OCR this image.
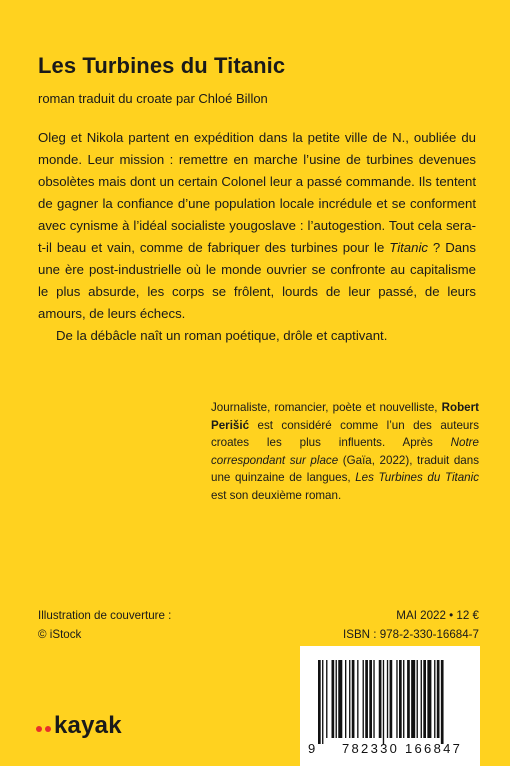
Les Turbines du Titanic
roman traduit du croate par Chloé Billon

Oleg et Nikola partent en expédition dans la petite ville de N., oubliée du monde. Leur mission : remettre en marche l’usine de turbines devenues obsolètes mais dont un certain Colonel leur a passé commande. Ils tentent de gagner la confiance d’une population locale incrédule et se conforment avec cynisme à l’idéal socialiste yougoslave : l’autogestion. Tout cela sera-t-il beau et vain, comme de fabriquer des turbines pour le Titanic ? Dans une ère post-industrielle où le monde ouvrier se confronte au capitalisme le plus absurde, les corps se frôlent, lourds de leur passé, de leurs amours, de leurs échecs.

De la débâcle naît un roman poétique, drôle et captivant.

Journaliste, romancier, poète et nouvelliste, Robert Perišić est considéré comme l’un des auteurs croates les plus influents. Après Notre correspondant sur place (Gaïa, 2022), traduit dans une quinzaine de langues, Les Turbines du Titanic est son deuxième roman.
Illustration de couverture :
© iStock
MAI 2022 • 12 €
ISBN : 978-2-330-16684-7
9 782330 166847
kayak
